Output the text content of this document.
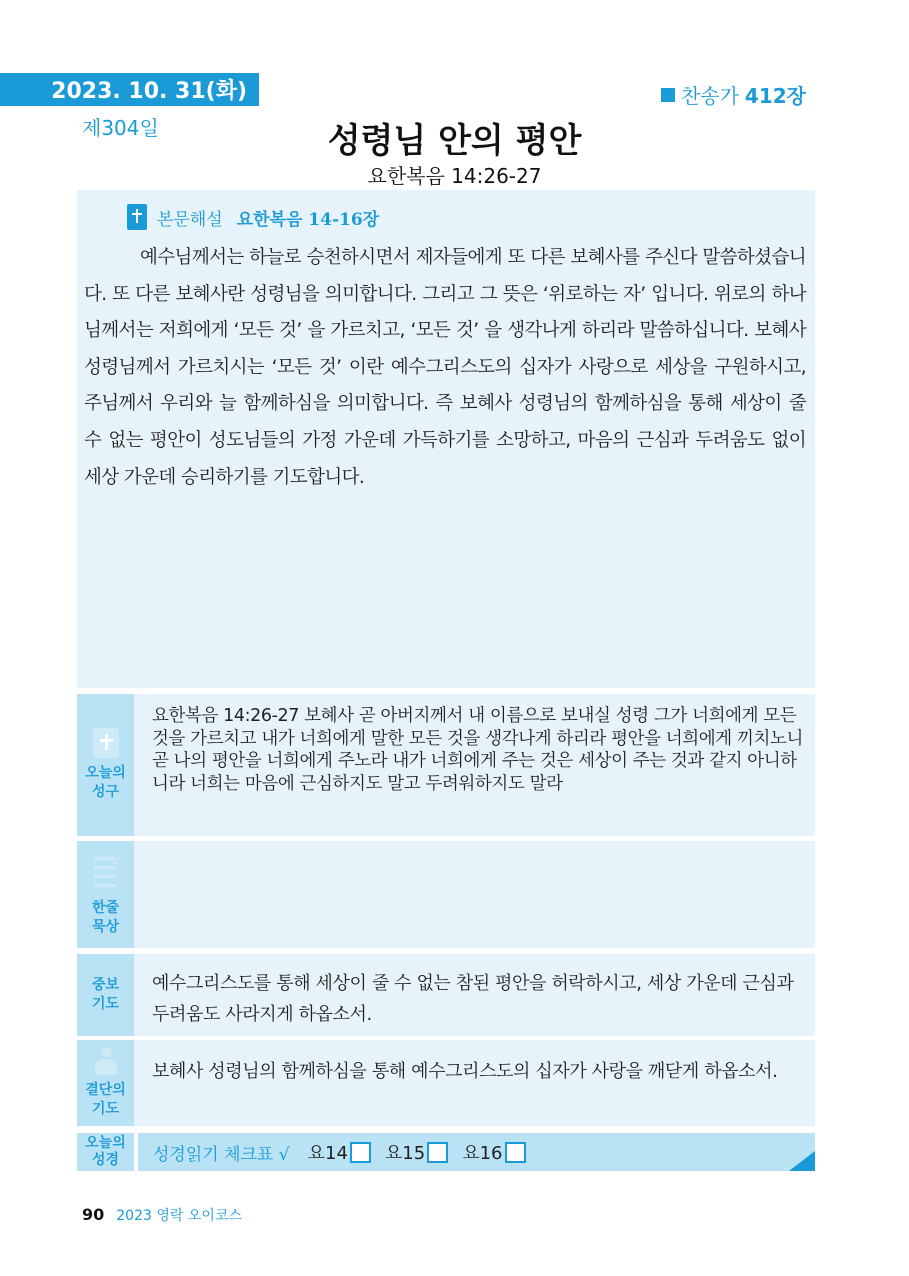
2023. 10. 31(화)
제304일
찬송가 412장
성령님 안의 평안
요한복음 14:26-27
본문해설 요한복음 14-16장

예수님께서는 하늘로 승천하시면서 제자들에게 또 다른 보혜사를 주신다 말씀하셨습니다. 또 다른 보혜사란 성령님을 의미합니다. 그리고 그 뜻은 ‘위로하는 자’ 입니다. 위로의 하나님께서는 저희에게 ‘모든 것’ 을 가르치고, ‘모든 것’ 을 생각나게 하리라 말씀하십니다. 보혜사 성령님께서 가르치시는 ‘모든 것’ 이란 예수그리스도의 십자가 사랑으로 세상을 구원하시고, 주님께서 우리와 늘 함께하심을 의미합니다. 즉 보혜사 성령님의 함께하심을 통해 세상이 줄 수 없는 평안이 성도님들의 가정 가운데 가득하기를 소망하고, 마음의 근심과 두려움도 없이 세상 가운데 승리하기를 기도합니다.

오늘의
성구

요한복음 14:26-27 보혜사 곧 아버지께서 내 이름으로 보내실 성령 그가 너희에게 모든 것을 가르치고 내가 너희에게 말한 모든 것을 생각나게 하리라 평안을 너희에게 끼치노니 곧 나의 평안을 너희에게 주노라 내가 너희에게 주는 것은 세상이 주는 것과 같지 아니하니라 너희는 마음에 근심하지도 말고 두려워하지도 말라

✓
한줄
묵상

중보
기도

예수그리스도를 통해 세상이 줄 수 없는 참된 평안을 허락하시고, 세상 가운데 근심과 두려움도 사라지게 하옵소서.

결단의
기도

보혜사 성령님의 함께하심을 통해 예수그리스도의 십자가 사랑을 깨닫게 하옵소서.

오늘의
성경	성경읽기 체크표 √ 요14 요15 요16
90 2023 영락 오이코스
